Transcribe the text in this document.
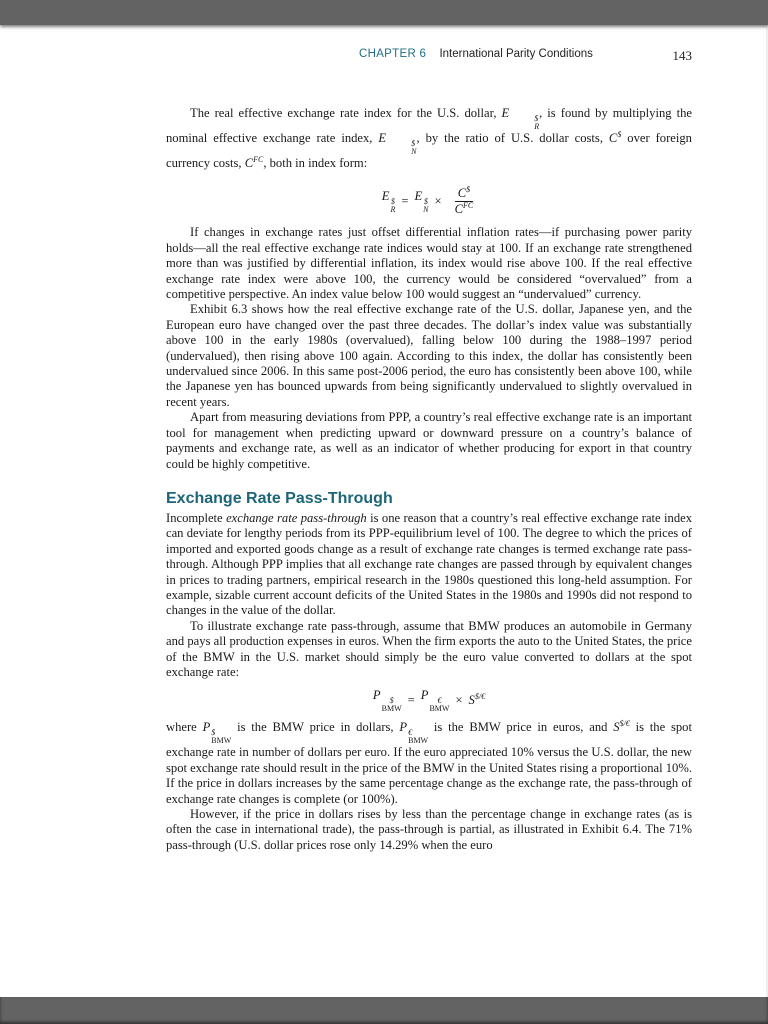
CHAPTER 6 International Parity Conditions	143

The real effective exchange rate index for the U.S. dollar, E	$
R
, is found by multiplying the nominal effective exchange rate index, E	$
N
, by the ratio of U.S. dollar costs, C$ over foreign currency costs, $C^{FC}$, both in index form:

E $
R
= E $
N
× $\frac{C^{\$}}{C^{FC}}$

If changes in exchange rates just offset differential inflation rates—if purchasing power parity holds—all the real effective exchange rate indices would stay at 100. If an exchange rate strengthened more than was justified by differential inflation, its index would rise above 100. If the real effective exchange rate index were above 100, the currency would be considered “overvalued” from a competitive perspective. An index value below 100 would suggest an “undervalued” currency.

Exhibit 6.3 shows how the real effective exchange rate of the U.S. dollar, Japanese yen, and the European euro have changed over the past three decades. The dollar’s index value was substantially above 100 in the early 1980s (overvalued), falling below 100 during the 1988–1997 period (undervalued), then rising above 100 again. According to this index, the dollar has consistently been undervalued since 2006. In this same post-2006 period, the euro has consistently been above 100, while the Japanese yen has bounced upwards from being significantly undervalued to slightly overvalued in recent years.

Apart from measuring deviations from PPP, a country’s real effective exchange rate is an important tool for management when predicting upward or downward pressure on a country’s balance of payments and exchange rate, as well as an indicator of whether producing for export in that country could be highly competitive.

Exchange Rate Pass-Through

Incomplete exchange rate pass-through is one reason that a country’s real effective exchange rate index can deviate for lengthy periods from its PPP-equilibrium level of 100. The degree to which the prices of imported and exported goods change as a result of exchange rate changes is termed exchange rate pass-through. Although PPP implies that all exchange rate changes are passed through by equivalent changes in prices to trading partners, empirical research in the 1980s questioned this long-held assumption. For example, sizable current account deficits of the United States in the 1980s and 1990s did not respond to changes in the value of the dollar.

To illustrate exchange rate pass-through, assume that BMW produces an automobile in Germany and pays all production expenses in euros. When the firm exports the auto to the United States, the price of the BMW in the U.S. market should simply be the euro value converted to dollars at the spot exchange rate:

P	$
BMW
= P	€
BMW
× S$/€

where P $
BMW
is the BMW price in dollars, P €
BMW
is the BMW price in euros, and S$/€ is the spot exchange rate in number of dollars per euro. If the euro appreciated 10% versus the U.S. dollar, the new spot exchange rate should result in the price of the BMW in the United States rising a proportional 10%. If the price in dollars increases by the same percentage change as the exchange rate, the pass-through of exchange rate changes is complete (or 100%).

However, if the price in dollars rises by less than the percentage change in exchange rates (as is often the case in international trade), the pass-through is partial, as illustrated in Exhibit 6.4. The 71% pass-through (U.S. dollar prices rose only 14.29% when the euro
